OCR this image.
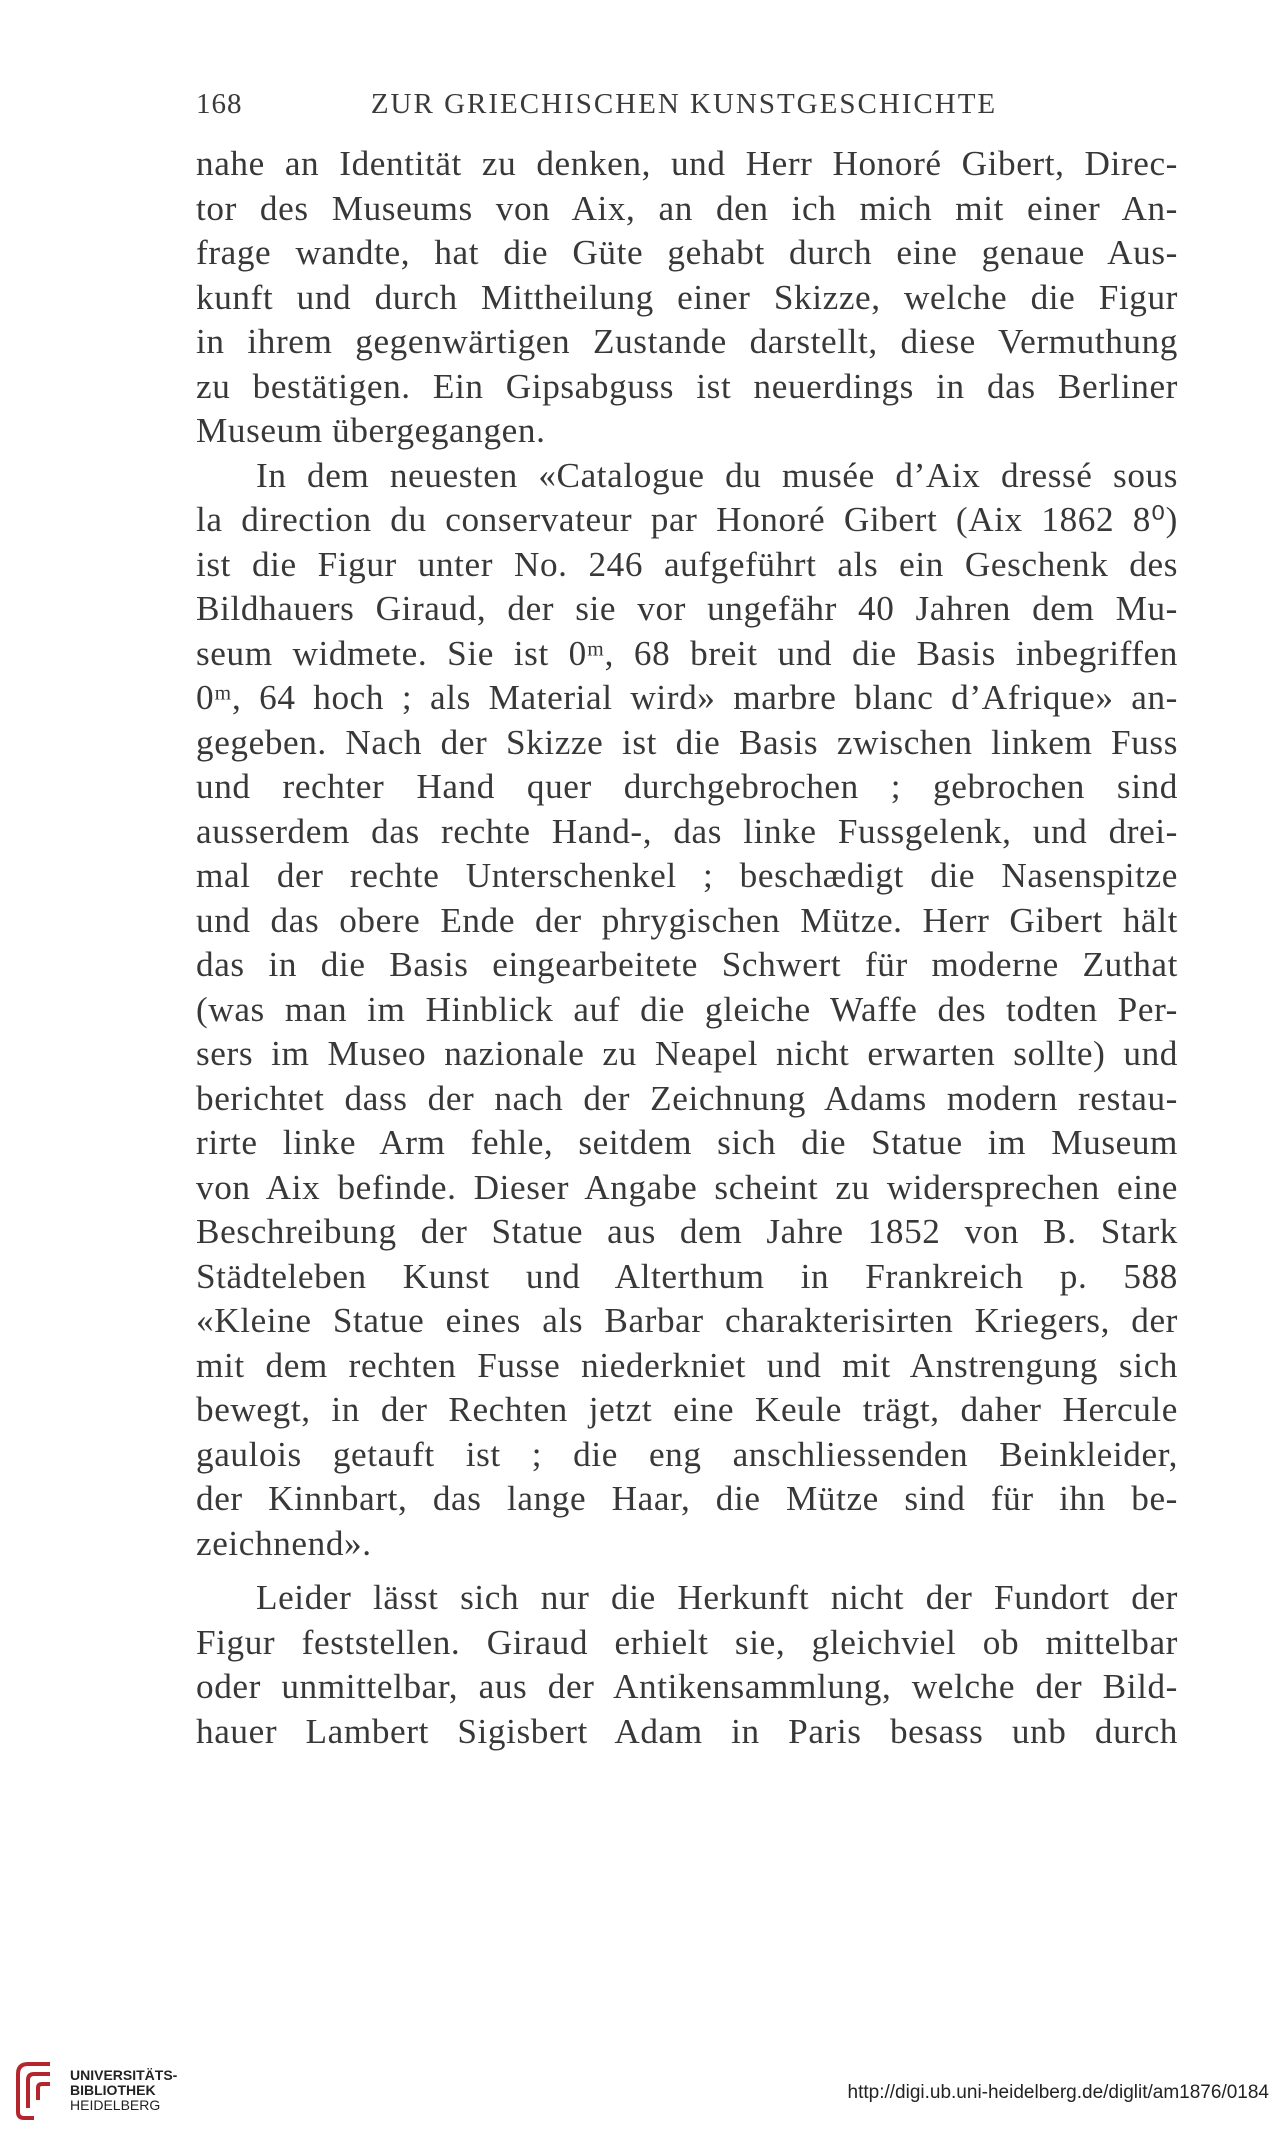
168	ZUR GRIECHISCHEN KUNSTGESCHICHTE
nahe an Identität zu denken, und Herr Honoré Gibert, Direc-
tor des Museums von Aix, an den ich mich mit einer An-
frage wandte, hat die Güte gehabt durch eine genaue Aus-
kunft und durch Mittheilung einer Skizze, welche die Figur
in ihrem gegenwärtigen Zustande darstellt, diese Vermuthung
zu bestätigen. Ein Gipsabguss ist neuerdings in das Berliner
Museum übergegangen.
In dem neuesten «Catalogue du musée d’Aix dressé sous
la direction du conservateur par Honoré Gibert (Aix 1862 8⁰)
ist die Figur unter No. 246 aufgeführt als ein Geschenk des
Bildhauers Giraud, der sie vor ungefähr 40 Jahren dem Mu-
seum widmete. Sie ist 0ᵐ, 68 breit und die Basis inbegriffen
0ᵐ, 64 hoch ; als Material wird» marbre blanc d’Afrique» an-
gegeben. Nach der Skizze ist die Basis zwischen linkem Fuss
und rechter Hand quer durchgebrochen ; gebrochen sind
ausserdem das rechte Hand-, das linke Fussgelenk, und drei-
mal der rechte Unterschenkel ; beschædigt die Nasenspitze
und das obere Ende der phrygischen Mütze. Herr Gibert hält
das in die Basis eingearbeitete Schwert für moderne Zuthat
(was man im Hinblick auf die gleiche Waffe des todten Per-
sers im Museo nazionale zu Neapel nicht erwarten sollte) und
berichtet dass der nach der Zeichnung Adams modern restau-
rirte linke Arm fehle, seitdem sich die Statue im Museum
von Aix befinde. Dieser Angabe scheint zu widersprechen eine
Beschreibung der Statue aus dem Jahre 1852 von B. Stark
Städteleben Kunst und Alterthum in Frankreich p. 588
«Kleine Statue eines als Barbar charakterisirten Kriegers, der
mit dem rechten Fusse niederkniet und mit Anstrengung sich
bewegt, in der Rechten jetzt eine Keule trägt, daher Hercule
gaulois getauft ist ; die eng anschliessenden Beinkleider,
der Kinnbart, das lange Haar, die Mütze sind für ihn be-
zeichnend».
Leider lässt sich nur die Herkunft nicht der Fundort der
Figur feststellen. Giraud erhielt sie, gleichviel ob mittelbar
oder unmittelbar, aus der Antikensammlung, welche der Bild-
hauer Lambert Sigisbert Adam in Paris besass unb durch
UNIVERSITÄTS-
BIBLIOTHEK
HEIDELBERG
http://digi.ub.uni-heidelberg.de/diglit/am1876/0184
